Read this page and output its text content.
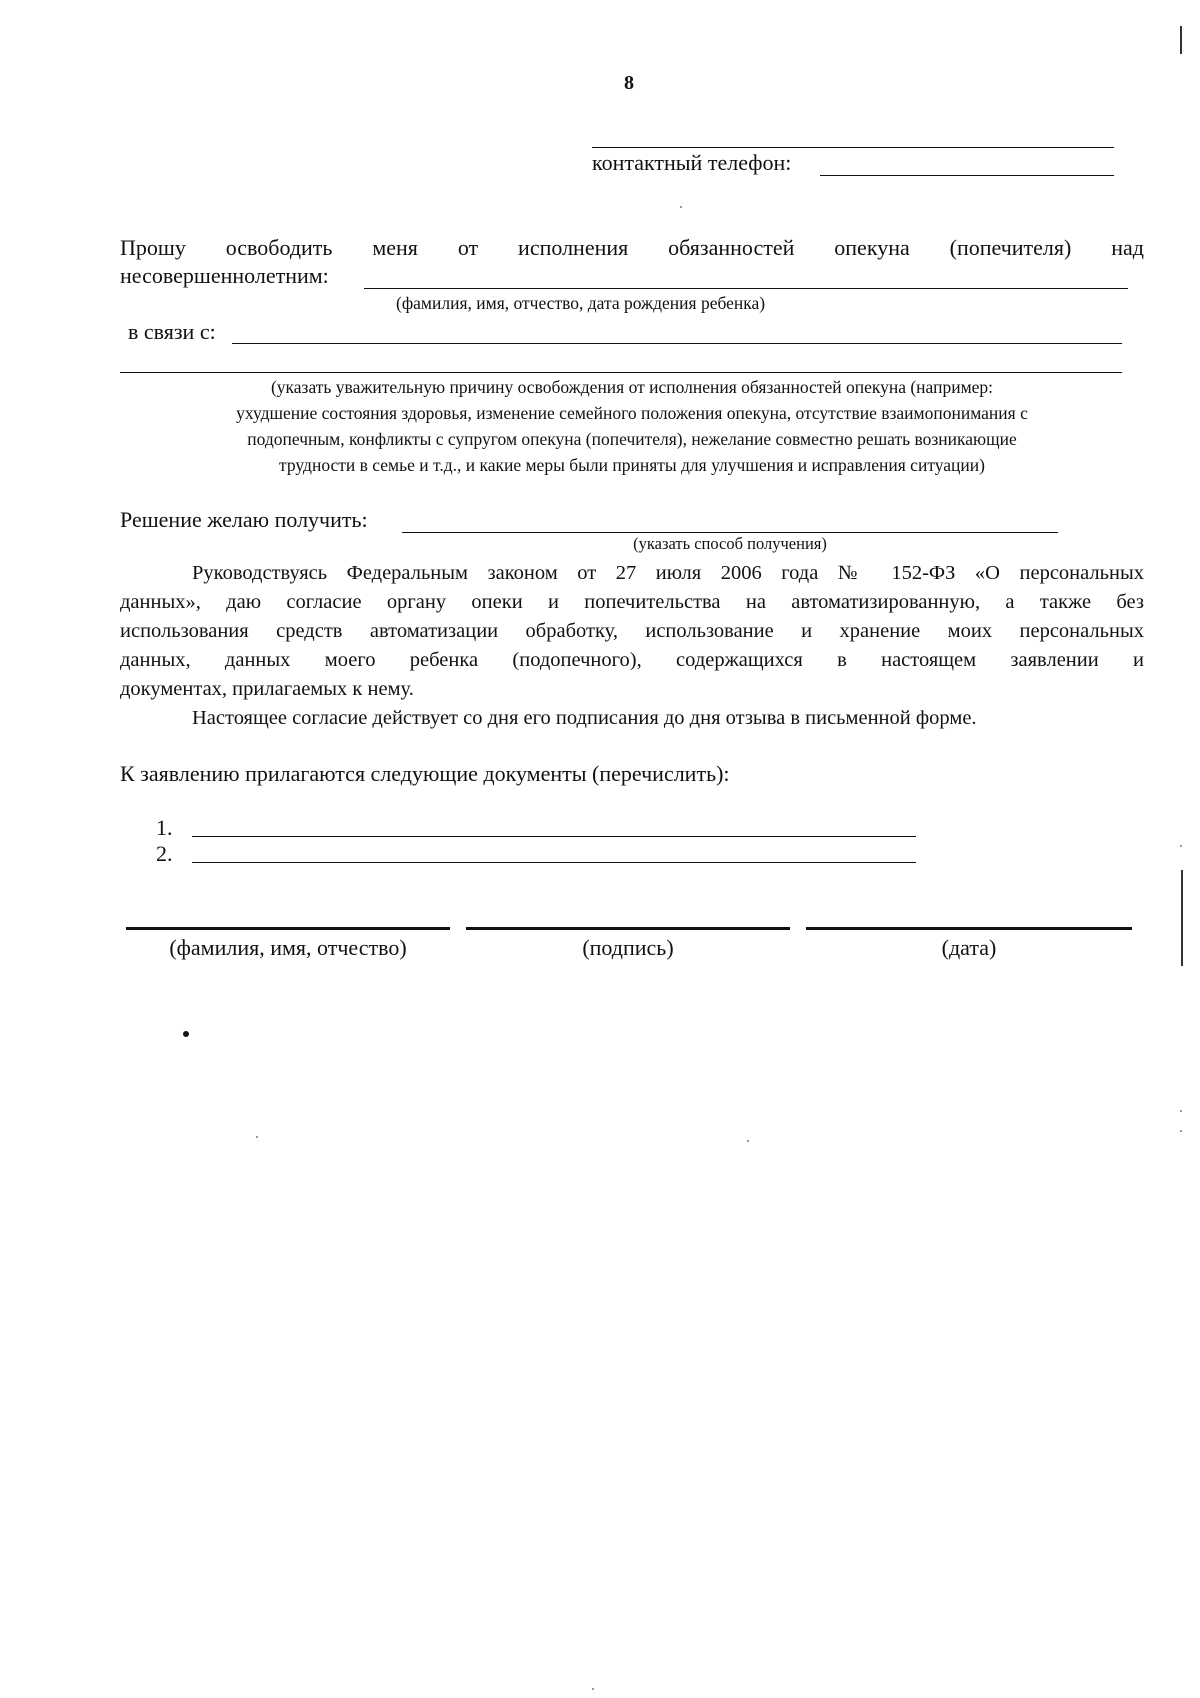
8
контактный телефон:
Прошу освободить меня от исполнения обязанностей опекуна (попечителя) над
несовершеннолетним:
(фамилия, имя, отчество, дата рождения ребенка)
в связи с:
(указать уважительную причину освобождения от исполнения обязанностей опекуна (например:
ухудшение состояния здоровья, изменение семейного положения опекуна, отсутствие взаимопонимания с
подопечным, конфликты с супругом опекуна (попечителя), нежелание совместно решать возникающие
трудности в семье и т.д., и какие меры были приняты для улучшения и исправления ситуации)
Решение желаю получить:
(указать способ получения)
Руководствуясь Федеральным законом от 27 июля 2006 года № 152-ФЗ «О персональных
данных», даю согласие органу опеки и попечительства на автоматизированную, а также без
использования средств автоматизации обработку, использование и хранение моих персональных
данных, данных моего ребенка (подопечного), содержащихся в настоящем заявлении и
документах, прилагаемых к нему.
Настоящее согласие действует со дня его подписания до дня отзыва в письменной форме.
К заявлению прилагаются следующие документы (перечислить):
1.
2.
(фамилия, имя, отчество)	(подпись)	(дата)
